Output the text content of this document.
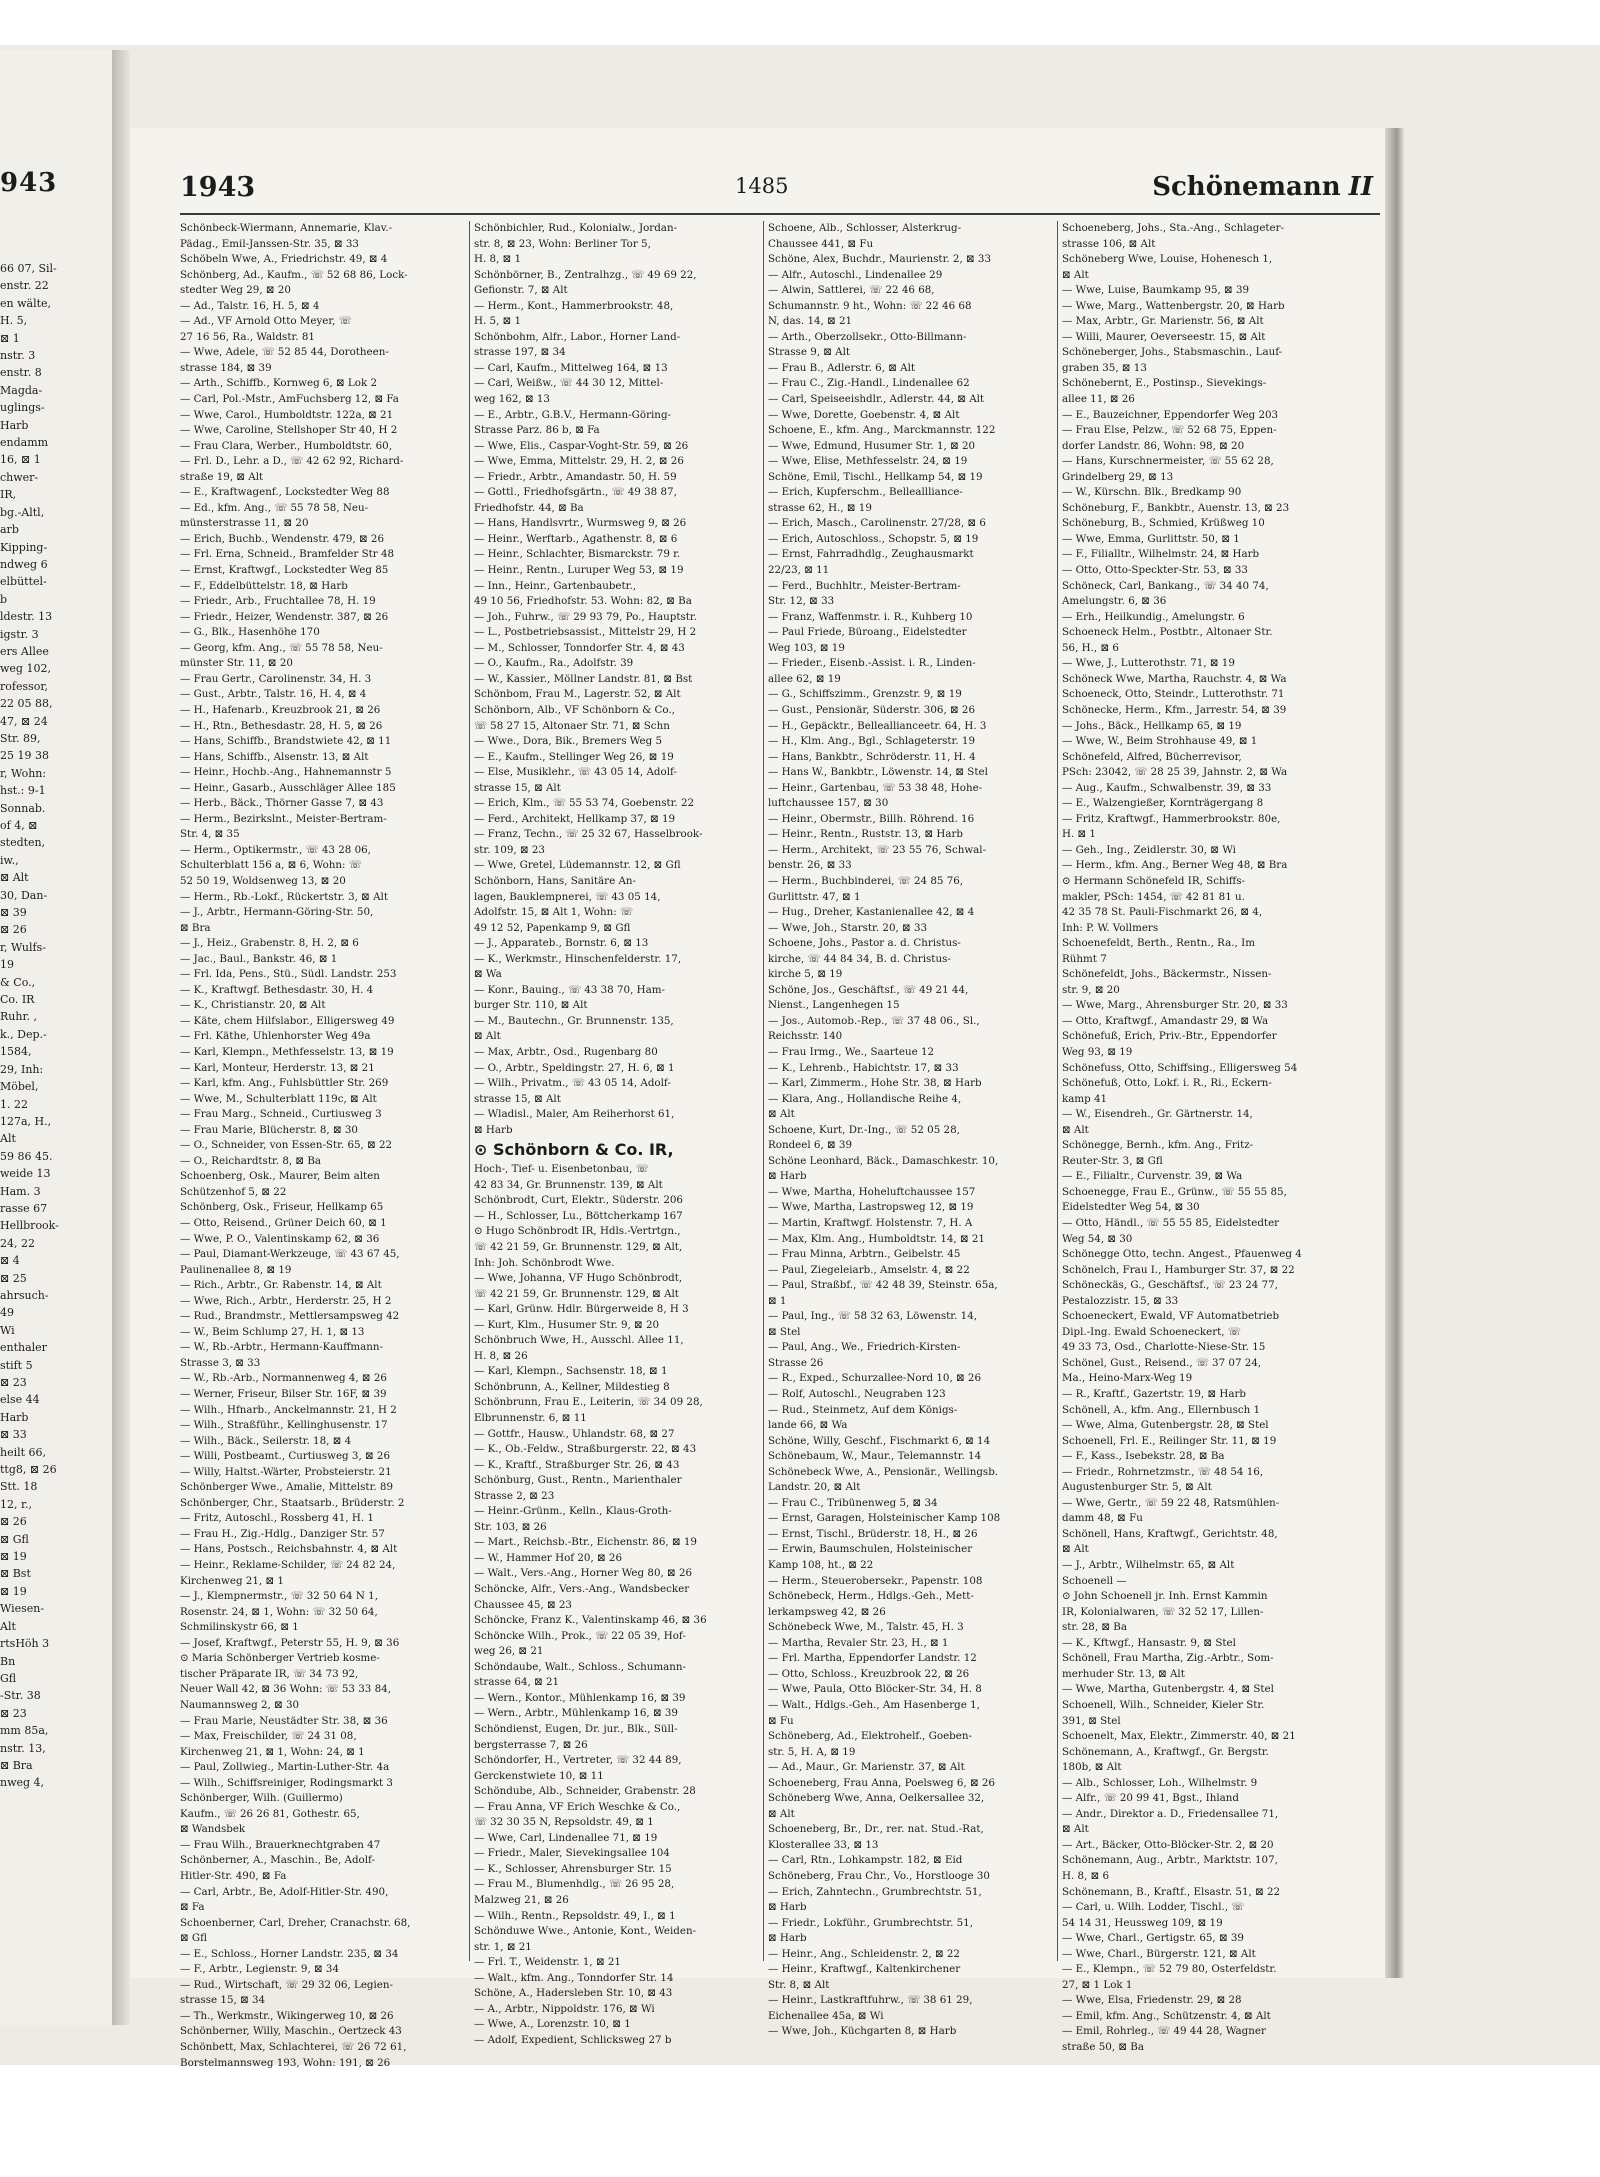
943
66 07, Sil-
enstr. 22
en wälte,
H. 5,
⊠ 1
nstr. 3
enstr. 8
Magda-
uglings-
Harb
endamm
16, ⊠ 1
chwer-
IR,
bg.-Altl,
arb
Kipping-
ndweg 6
elbüttel-
b
ldestr. 13
igstr. 3
ers Allee
weg 102,
rofessor,
22 05 88,
47, ⊠ 24
Str. 89,
25 19 38
r, Wohn:
hst.: 9-1
Sonnab.
of 4, ⊠
stedten,
iw.,
⊠ Alt
30, Dan-
⊠ 39
⊠ 26
r, Wulfs-
19
& Co.,
Co. IR
Ruhr. ,
k., Dep.-
1584,
29, Inh:
Möbel,
1. 22
127a, H.,
Alt
59 86 45.
weide 13
Ham. 3
rasse 67
Hellbrook-
24, 22
⊠ 4
⊠ 25
ahrsuch-
49
Wi
enthaler
stift 5
⊠ 23
else 44
Harb
⊠ 33
heilt 66,
ttg8, ⊠ 26
Stt. 18
12, r.,
⊠ 26
⊠ Gfl
⊠ 19
⊠ Bst
⊠ 19
Wiesen-
Alt
rtsHöh 3
Bn
Gfl
-Str. 38
⊠ 23
mm 85a,
nstr. 13,
⊠ Bra
nweg 4,
1943	1485	Schönemann II
Schönbeck-Wiermann, Annemarie, Klav.-
Pädag., Emil-Janssen-Str. 35, ⊠ 33
Schöbeln Wwe, A., Friedrichstr. 49, ⊠ 4
Schönberg, Ad., Kaufm., ☏ 52 68 86, Lock-
stedter Weg 29, ⊠ 20
— Ad., Talstr. 16, H. 5, ⊠ 4
— Ad., VF Arnold Otto Meyer, ☏
27 16 56, Ra., Waldstr. 81
— Wwe, Adele, ☏ 52 85 44, Dorotheen-
strasse 184, ⊠ 39
— Arth., Schiffb., Kornweg 6, ⊠ Lok 2
— Carl, Pol.-Mstr., AmFuchsberg 12, ⊠ Fa
— Wwe, Carol., Humboldtstr. 122a, ⊠ 21
— Wwe, Caroline, Stellshoper Str 40, H 2
— Frau Clara, Werber., Humboldtstr. 60,
— Frl. D., Lehr. a D., ☏ 42 62 92, Richard-
straße 19, ⊠ Alt
— E., Kraftwagenf., Lockstedter Weg 88
— Ed., kfm. Ang., ☏ 55 78 58, Neu-
münsterstrasse 11, ⊠ 20
— Erich, Buchb., Wendenstr. 479, ⊠ 26
— Frl. Erna, Schneid., Bramfelder Str 48
— Ernst, Kraftwgf., Lockstedter Weg 85
— F., Eddelbüttelstr. 18, ⊠ Harb
— Friedr., Arb., Fruchtallee 78, H. 19
— Friedr., Heizer, Wendenstr. 387, ⊠ 26
— G., Blk., Hasenhöhe 170
— Georg, kfm. Ang., ☏ 55 78 58, Neu-
münster Str. 11, ⊠ 20
— Frau Gertr., Carolinenstr. 34, H. 3
— Gust., Arbtr., Talstr. 16, H. 4, ⊠ 4
— H., Hafenarb., Kreuzbrook 21, ⊠ 26
— H., Rtn., Bethesdastr. 28, H. 5, ⊠ 26
— Hans, Schiffb., Brandstwiete 42, ⊠ 11
— Hans, Schiffb., Alsenstr. 13, ⊠ Alt
— Heinr., Hochb.-Ang., Hahnemannstr 5
— Heinr., Gasarb., Ausschläger Allee 185
— Herb., Bäck., Thörner Gasse 7, ⊠ 43
— Herm., Bezirkslnt., Meister-Bertram-
Str. 4, ⊠ 35
— Herm., Optikermstr., ☏ 43 28 06,
Schulterblatt 156 a, ⊠ 6, Wohn: ☏
52 50 19, Woldsenweg 13, ⊠ 20
— Herm., Rb.-Lokf., Rückertstr. 3, ⊠ Alt
— J., Arbtr., Hermann-Göring-Str. 50,
⊠ Bra
— J., Heiz., Grabenstr. 8, H. 2, ⊠ 6
— Jac., Baul., Bankstr. 46, ⊠ 1
— Frl. Ida, Pens., Stü., Südl. Landstr. 253
— K., Kraftwgf. Bethesdastr. 30, H. 4
— K., Christianstr. 20, ⊠ Alt
— Käte, chem Hilfslabor., Elligersweg 49
— Frl. Käthe, Uhlenhorster Weg 49a
— Karl, Klempn., Methfesselstr. 13, ⊠ 19
— Karl, Monteur, Herderstr. 13, ⊠ 21
— Karl, kfm. Ang., Fuhlsbüttler Str. 269
— Wwe, M., Schulterblatt 119c, ⊠ Alt
— Frau Marg., Schneid., Curtiusweg 3
— Frau Marie, Blücherstr. 8, ⊠ 30
— O., Schneider, von Essen-Str. 65, ⊠ 22
— O., Reichardtstr. 8, ⊠ Ba
Schoenberg, Osk., Maurer, Beim alten
Schützenhof 5, ⊠ 22
Schönberg, Osk., Friseur, Hellkamp 65
— Otto, Reisend., Grüner Deich 60, ⊠ 1
— Wwe, P. O., Valentinskamp 62, ⊠ 36
— Paul, Diamant-Werkzeuge, ☏ 43 67 45,
Paulinenallee 8, ⊠ 19
— Rich., Arbtr., Gr. Rabenstr. 14, ⊠ Alt
— Wwe, Rich., Arbtr., Herderstr. 25, H 2
— Rud., Brandmstr., Mettlersampsweg 42
— W., Beim Schlump 27, H. 1, ⊠ 13
— W., Rb.-Arbtr., Hermann-Kauffmann-
Strasse 3, ⊠ 33
— W., Rb.-Arb., Normannenweg 4, ⊠ 26
— Werner, Friseur, Bilser Str. 16F, ⊠ 39
— Wilh., Hfnarb., Anckelmannstr. 21, H 2
— Wilh., Straßführ., Kellinghusenstr. 17
— Wilh., Bäck., Seilerstr. 18, ⊠ 4
— Willi, Postbeamt., Curtiusweg 3, ⊠ 26
— Willy, Haltst.-Wärter, Probsteierstr. 21
Schönberger Wwe., Amalie, Mittelstr. 89
Schönberger, Chr., Staatsarb., Brüderstr. 2
— Fritz, Autoschl., Rossberg 41, H. 1
— Frau H., Zig.-Hdlg., Danziger Str. 57
— Hans, Postsch., Reichsbahnstr. 4, ⊠ Alt
— Heinr., Reklame-Schilder, ☏ 24 82 24,
Kirchenweg 21, ⊠ 1
— J., Klempnermstr., ☏ 32 50 64 N 1,
Rosenstr. 24, ⊠ 1, Wohn: ☏ 32 50 64,
Schmilinskystr 66, ⊠ 1
— Josef, Kraftwgf., Peterstr 55, H. 9, ⊠ 36
⊙ Maria Schönberger Vertrieb kosme-
tischer Präparate IR, ☏ 34 73 92,
Neuer Wall 42, ⊠ 36 Wohn: ☏ 53 33 84,
Naumannsweg 2, ⊠ 30
— Frau Marie, Neustädter Str. 38, ⊠ 36
— Max, Freischilder, ☏ 24 31 08,
Kirchenweg 21, ⊠ 1, Wohn: 24, ⊠ 1
— Paul, Zollwieg., Martin-Luther-Str. 4a
— Wilh., Schiffsreiniger, Rodingsmarkt 3
Schönberger, Wilh. (Guillermo)
Kaufm., ☏ 26 26 81, Gothestr. 65,
⊠ Wandsbek
— Frau Wilh., Brauerknechtgraben 47
Schönberner, A., Maschin., Be, Adolf-
Hitler-Str. 490, ⊠ Fa
— Carl, Arbtr., Be, Adolf-Hitler-Str. 490,
⊠ Fa
Schoenberner, Carl, Dreher, Cranachstr. 68,
⊠ Gfl
— E., Schloss., Horner Landstr. 235, ⊠ 34
— F., Arbtr., Legienstr. 9, ⊠ 34
— Rud., Wirtschaft, ☏ 29 32 06, Legien-
strasse 15, ⊠ 34
— Th., Werkmstr., Wikingerweg 10, ⊠ 26
Schönberner, Willy, Maschin., Oertzeck 43
Schönbett, Max, Schlachterei, ☏ 26 72 61,
Borstelmannsweg 193, Wohn: 191, ⊠ 26
Schönbichler, Rud., Kolonialw., Jordan-
str. 8, ⊠ 23, Wohn: Berliner Tor 5,
H. 8, ⊠ 1
Schönbörner, B., Zentralhzg., ☏ 49 69 22,
Gefionstr. 7, ⊠ Alt
— Herm., Kont., Hammerbrookstr. 48,
H. 5, ⊠ 1
Schönbohm, Alfr., Labor., Horner Land-
strasse 197, ⊠ 34
— Carl, Kaufm., Mittelweg 164, ⊠ 13
— Carl, Weißw., ☏ 44 30 12, Mittel-
weg 162, ⊠ 13
— E., Arbtr., G.B.V., Hermann-Göring-
Strasse Parz. 86 b, ⊠ Fa
— Wwe, Elis., Caspar-Voght-Str. 59, ⊠ 26
— Wwe, Emma, Mittelstr. 29, H. 2, ⊠ 26
— Friedr., Arbtr., Amandastr. 50, H. 59
— Gottl., Friedhofsgärtn., ☏ 49 38 87,
Friedhofstr. 44, ⊠ Ba
— Hans, Handlsvrtr., Wurmsweg 9, ⊠ 26
— Heinr., Werftarb., Agathenstr. 8, ⊠ 6
— Heinr., Schlachter, Bismarckstr. 79 r.
— Heinr., Rentn., Luruper Weg 53, ⊠ 19
— Inn., Heinr., Gartenbaubetr.,
49 10 56, Friedhofstr. 53. Wohn: 82, ⊠ Ba
— Joh., Fuhrw., ☏ 29 93 79, Po., Hauptstr.
— L., Postbetriebsassist., Mittelstr 29, H 2
— M., Schlosser, Tonndorfer Str. 4, ⊠ 43
— O., Kaufm., Ra., Adolfstr. 39
— W., Kassier., Möllner Landstr. 81, ⊠ Bst
Schönbom, Frau M., Lagerstr. 52, ⊠ Alt
Schönborn, Alb., VF Schönborn & Co.,
☏ 58 27 15, Altonaer Str. 71, ⊠ Schn
— Wwe., Dora, Bik., Bremers Weg 5
— E., Kaufm., Stellinger Weg 26, ⊠ 19
— Else, Musiklehr., ☏ 43 05 14, Adolf-
strasse 15, ⊠ Alt
— Erich, Klm., ☏ 55 53 74, Goebenstr. 22
— Ferd., Architekt, Hellkamp 37, ⊠ 19
— Franz, Techn., ☏ 25 32 67, Hasselbrook-
str. 109, ⊠ 23
— Wwe, Gretel, Lüdemannstr. 12, ⊠ Gfl
Schönborn, Hans, Sanitäre An-
lagen, Bauklempnerei, ☏ 43 05 14,
Adolfstr. 15, ⊠ Alt 1, Wohn: ☏
49 12 52, Papenkamp 9, ⊠ Gfl
— J., Apparateb., Bornstr. 6, ⊠ 13
— K., Werkmstr., Hinschenfelderstr. 17,
⊠ Wa
— Konr., Bauing., ☏ 43 38 70, Ham-
burger Str. 110, ⊠ Alt
— M., Bautechn., Gr. Brunnenstr. 135,
⊠ Alt
— Max, Arbtr., Osd., Rugenbarg 80
— O., Arbtr., Speldingstr. 27, H. 6, ⊠ 1
— Wilh., Privatm., ☏ 43 05 14, Adolf-
strasse 15, ⊠ Alt
— Wladisl., Maler, Am Reiherhorst 61,
⊠ Harb
⊙ Schönborn & Co. IR,
Hoch-, Tief- u. Eisenbetonbau, ☏
42 83 34, Gr. Brunnenstr. 139, ⊠ Alt
Schönbrodt, Curt, Elektr., Süderstr. 206
— H., Schlosser, Lu., Böttcherkamp 167
⊙ Hugo Schönbrodt IR, Hdls.-Vertrtgn.,
☏ 42 21 59, Gr. Brunnenstr. 129, ⊠ Alt,
Inh: Joh. Schönbrodt Wwe.
— Wwe, Johanna, VF Hugo Schönbrodt,
☏ 42 21 59, Gr. Brunnenstr. 129, ⊠ Alt
— Karl, Grünw. Hdlr. Bürgerweide 8, H 3
— Kurt, Klm., Husumer Str. 9, ⊠ 20
Schönbruch Wwe, H., Ausschl. Allee 11,
H. 8, ⊠ 26
— Karl, Klempn., Sachsenstr. 18, ⊠ 1
Schönbrunn, A., Kellner, Mildestieg 8
Schönbrunn, Frau E., Leiterin, ☏ 34 09 28,
Elbrunnenstr. 6, ⊠ 11
— Gottfr., Hausw., Uhlandstr. 68, ⊠ 27
— K., Ob.-Feldw., Straßburgerstr. 22, ⊠ 43
— K., Kraftf., Straßburger Str. 26, ⊠ 43
Schönburg, Gust., Rentn., Marienthaler
Strasse 2, ⊠ 23
— Heinr.-Grünm., Kelln., Klaus-Groth-
Str. 103, ⊠ 26
— Mart., Reichsb.-Btr., Eichenstr. 86, ⊠ 19
— W., Hammer Hof 20, ⊠ 26
— Walt., Vers.-Ang., Horner Weg 80, ⊠ 26
Schöncke, Alfr., Vers.-Ang., Wandsbecker
Chaussee 45, ⊠ 23
Schöncke, Franz K., Valentinskamp 46, ⊠ 36
Schöncke Wilh., Prok., ☏ 22 05 39, Hof-
weg 26, ⊠ 21
Schöndaube, Walt., Schloss., Schumann-
strasse 64, ⊠ 21
— Wern., Kontor., Mühlenkamp 16, ⊠ 39
— Wern., Arbtr., Mühlenkamp 16, ⊠ 39
Schöndienst, Eugen, Dr. jur., Blk., Süll-
bergsterrasse 7, ⊠ 26
Schöndorfer, H., Vertreter, ☏ 32 44 89,
Gerckenstwiete 10, ⊠ 11
Schöndube, Alb., Schneider, Grabenstr. 28
— Frau Anna, VF Erich Weschke & Co.,
☏ 32 30 35 N, Repsoldstr. 49, ⊠ 1
— Wwe, Carl, Lindenallee 71, ⊠ 19
— Friedr., Maler, Sievekingsallee 104
— K., Schlosser, Ahrensburger Str. 15
— Frau M., Blumenhdlg., ☏ 26 95 28,
Malzweg 21, ⊠ 26
— Wilh., Rentn., Repsoldstr. 49, I., ⊠ 1
Schönduwe Wwe., Antonie, Kont., Weiden-
str. 1, ⊠ 21
— Frl. T., Weidenstr. 1, ⊠ 21
— Walt., kfm. Ang., Tonndorfer Str. 14
Schöne, A., Hadersleben Str. 10, ⊠ 43
— A., Arbtr., Nippoldstr. 176, ⊠ Wi
— Wwe, A., Lorenzstr. 10, ⊠ 1
— Adolf, Expedient, Schlicksweg 27 b
Schoene, Alb., Schlosser, Alsterkrug-
Chaussee 441, ⊠ Fu
Schöne, Alex, Buchdr., Maurienstr. 2, ⊠ 33
— Alfr., Autoschl., Lindenallee 29
— Alwin, Sattlerei, ☏ 22 46 68,
Schumannstr. 9 ht., Wohn: ☏ 22 46 68
N, das. 14, ⊠ 21
— Arth., Oberzollsekr., Otto-Billmann-
Strasse 9, ⊠ Alt
— Frau B., Adlerstr. 6, ⊠ Alt
— Frau C., Zig.-Handl., Lindenallee 62
— Carl, Speiseeishdlr., Adlerstr. 44, ⊠ Alt
— Wwe, Dorette, Goebenstr. 4, ⊠ Alt
Schoene, E., kfm. Ang., Marckmannstr. 122
— Wwe, Edmund, Husumer Str. 1, ⊠ 20
— Wwe, Elise, Methfesselstr. 24, ⊠ 19
Schöne, Emil, Tischl., Hellkamp 54, ⊠ 19
— Erich, Kupferschm., Belleallliance-
strasse 62, H., ⊠ 19
— Erich, Masch., Carolinenstr. 27/28, ⊠ 6
— Erich, Autoschloss., Schopstr. 5, ⊠ 19
— Ernst, Fahrradhdlg., Zeughausmarkt
22/23, ⊠ 11
— Ferd., Buchhltr., Meister-Bertram-
Str. 12, ⊠ 33
— Franz, Waffenmstr. i. R., Kuhberg 10
— Paul Friede, Büroang., Eidelstedter
Weg 103, ⊠ 19
— Frieder., Eisenb.-Assist. i. R., Linden-
allee 62, ⊠ 19
— G., Schiffszimm., Grenzstr. 9, ⊠ 19
— Gust., Pensionär, Süderstr. 306, ⊠ 26
— H., Gepäcktr., Belleallianceetr. 64, H. 3
— H., Klm. Ang., Bgl., Schlageterstr. 19
— Hans, Bankbtr., Schröderstr. 11, H. 4
— Hans W., Bankbtr., Löwenstr. 14, ⊠ Stel
— Heinr., Gartenbau, ☏ 53 38 48, Hohe-
luftchaussee 157, ⊠ 30
— Heinr., Obermstr., Billh. Röhrend. 16
— Heinr., Rentn., Ruststr. 13, ⊠ Harb
— Herm., Architekt, ☏ 23 55 76, Schwal-
benstr. 26, ⊠ 33
— Herm., Buchbinderei, ☏ 24 85 76,
Gurlittstr. 47, ⊠ 1
— Hug., Dreher, Kastanienallee 42, ⊠ 4
— Wwe, Joh., Starstr. 20, ⊠ 33
Schoene, Johs., Pastor a. d. Christus-
kirche, ☏ 44 84 34, B. d. Christus-
kirche 5, ⊠ 19
Schöne, Jos., Geschäftsf., ☏ 49 21 44,
Nienst., Langenhegen 15
— Jos., Automob.-Rep., ☏ 37 48 06., Sl.,
Reichsstr. 140
— Frau Irmg., We., Saarteue 12
— K., Lehrenb., Habichtstr. 17, ⊠ 33
— Karl, Zimmerm., Hohe Str. 38, ⊠ Harb
— Klara, Ang., Hollandische Reihe 4,
⊠ Alt
Schoene, Kurt, Dr.-Ing., ☏ 52 05 28,
Rondeel 6, ⊠ 39
Schöne Leonhard, Bäck., Damaschkestr. 10,
⊠ Harb
— Wwe, Martha, Hoheluftchaussee 157
— Wwe, Martha, Lastropsweg 12, ⊠ 19
— Martin, Kraftwgf. Holstenstr. 7, H. A
— Max, Klm. Ang., Humboldtstr. 14, ⊠ 21
— Frau Minna, Arbtrn., Geibelstr. 45
— Paul, Ziegeleiarb., Amselstr. 4, ⊠ 22
— Paul, Straßbf., ☏ 42 48 39, Steinstr. 65a,
⊠ 1
— Paul, Ing., ☏ 58 32 63, Löwenstr. 14,
⊠ Stel
— Paul, Ang., We., Friedrich-Kirsten-
Strasse 26
— R., Exped., Schurzallee-Nord 10, ⊠ 26
— Rolf, Autoschl., Neugraben 123
— Rud., Steinmetz, Auf dem Königs-
lande 66, ⊠ Wa
Schöne, Willy, Geschf., Fischmarkt 6, ⊠ 14
Schönebaum, W., Maur., Telemannstr. 14
Schönebeck Wwe, A., Pensionär., Wellingsb.
Landstr. 20, ⊠ Alt
— Frau C., Tribünenweg 5, ⊠ 34
— Ernst, Garagen, Holsteinischer Kamp 108
— Ernst, Tischl., Brüderstr. 18, H., ⊠ 26
— Erwin, Baumschulen, Holsteinischer
Kamp 108, ht., ⊠ 22
— Herm., Steuerobersekr., Papenstr. 108
Schönebeck, Herm., Hdlgs.-Geh., Mett-
lerkampsweg 42, ⊠ 26
Schönebeck Wwe, M., Talstr. 45, H. 3
— Martha, Revaler Str. 23, H., ⊠ 1
— Frl. Martha, Eppendorfer Landstr. 12
— Otto, Schloss., Kreuzbrook 22, ⊠ 26
— Wwe, Paula, Otto Blöcker-Str. 34, H. 8
— Walt., Hdlgs.-Geh., Am Hasenberge 1,
⊠ Fu
Schöneberg, Ad., Elektrohelf., Goeben-
str. 5, H. A, ⊠ 19
— Ad., Maur., Gr. Marienstr. 37, ⊠ Alt
Schoeneberg, Frau Anna, Poelsweg 6, ⊠ 26
Schöneberg Wwe, Anna, Oelkersallee 32,
⊠ Alt
Schoeneberg, Br., Dr., rer. nat. Stud.-Rat,
Klosterallee 33, ⊠ 13
— Carl, Rtn., Lohkampstr. 182, ⊠ Eid
Schöneberg, Frau Chr., Vo., Horstlooge 30
— Erich, Zahntechn., Grumbrechtstr. 51,
⊠ Harb
— Friedr., Lokführ., Grumbrechtstr. 51,
⊠ Harb
— Heinr., Ang., Schleidenstr. 2, ⊠ 22
— Heinr., Kraftwgf., Kaltenkirchener
Str. 8, ⊠ Alt
— Heinr., Lastkraftfuhrw., ☏ 38 61 29,
Eichenallee 45a, ⊠ Wi
— Wwe, Joh., Küchgarten 8, ⊠ Harb
Schoeneberg, Johs., Sta.-Ang., Schlageter-
strasse 106, ⊠ Alt
Schöneberg Wwe, Louise, Hohenesch 1,
⊠ Alt
— Wwe, Luise, Baumkamp 95, ⊠ 39
— Wwe, Marg., Wattenbergstr. 20, ⊠ Harb
— Max, Arbtr., Gr. Marienstr. 56, ⊠ Alt
— Willi, Maurer, Oeverseestr. 15, ⊠ Alt
Schöneberger, Johs., Stabsmaschin., Lauf-
graben 35, ⊠ 13
Schönebernt, E., Postinsp., Sievekings-
allee 11, ⊠ 26
— E., Bauzeichner, Eppendorfer Weg 203
— Frau Else, Pelzw., ☏ 52 68 75, Eppen-
dorfer Landstr. 86, Wohn: 98, ⊠ 20
— Hans, Kurschnermeister, ☏ 55 62 28,
Grindelberg 29, ⊠ 13
— W., Kürschn. Blk., Bredkamp 90
Schöneburg, F., Bankbtr., Auenstr. 13, ⊠ 23
Schöneburg, B., Schmied, Krüßweg 10
— Wwe, Emma, Gurlittstr. 50, ⊠ 1
— F., Filialltr., Wilhelmstr. 24, ⊠ Harb
— Otto, Otto-Speckter-Str. 53, ⊠ 33
Schöneck, Carl, Bankang., ☏ 34 40 74,
Amelungstr. 6, ⊠ 36
— Erh., Heilkundig., Amelungstr. 6
Schoeneck Helm., Postbtr., Altonaer Str.
56, H., ⊠ 6
— Wwe, J., Lutterothstr. 71, ⊠ 19
Schöneck Wwe, Martha, Rauchstr. 4, ⊠ Wa
Schoeneck, Otto, Steindr., Lutterothstr. 71
Schönecke, Herm., Kfm., Jarrestr. 54, ⊠ 39
— Johs., Bäck., Hellkamp 65, ⊠ 19
— Wwe, W., Beim Strohhause 49, ⊠ 1
Schönefeld, Alfred, Bücherrevisor,
PSch: 23042, ☏ 28 25 39, Jahnstr. 2, ⊠ Wa
— Aug., Kaufm., Schwalbenstr. 39, ⊠ 33
— E., Walzengießer, Kornträgergang 8
— Fritz, Kraftwgf., Hammerbrookstr. 80e,
H. ⊠ 1
— Geh., Ing., Zeidlerstr. 30, ⊠ Wi
— Herm., kfm. Ang., Berner Weg 48, ⊠ Bra
⊙ Hermann Schönefeld IR, Schiffs-
makler, PSch: 1454, ☏ 42 81 81 u.
42 35 78 St. Pauli-Fischmarkt 26, ⊠ 4,
Inh: P. W. Vollmers
Schoenefeldt, Berth., Rentn., Ra., Im
Rühmt 7
Schönefeldt, Johs., Bäckermstr., Nissen-
str. 9, ⊠ 20
— Wwe, Marg., Ahrensburger Str. 20, ⊠ 33
— Otto, Kraftwgf., Amandastr 29, ⊠ Wa
Schönefuß, Erich, Priv.-Btr., Eppendorfer
Weg 93, ⊠ 19
Schönefuss, Otto, Schiffsing., Elligersweg 54
Schönefuß, Otto, Lokf. i. R., Ri., Eckern-
kamp 41
— W., Eisendreh., Gr. Gärtnerstr. 14,
⊠ Alt
Schönegge, Bernh., kfm. Ang., Fritz-
Reuter-Str. 3, ⊠ Gfl
— E., Filialtr., Curvenstr. 39, ⊠ Wa
Schoenegge, Frau E., Grünw., ☏ 55 55 85,
Eidelstedter Weg 54, ⊠ 30
— Otto, Händl., ☏ 55 55 85, Eidelstedter
Weg 54, ⊠ 30
Schönegge Otto, techn. Angest., Pfauenweg 4
Schönelch, Frau I., Hamburger Str. 37, ⊠ 22
Schöneckäs, G., Geschäftsf., ☏ 23 24 77,
Pestalozzistr. 15, ⊠ 33
Schoeneckert, Ewald, VF Automatbetrieb
Dipl.-Ing. Ewald Schoeneckert, ☏
49 33 73, Osd., Charlotte-Niese-Str. 15
Schönel, Gust., Reisend., ☏ 37 07 24,
Ma., Heino-Marx-Weg 19
— R., Kraftf., Gazertstr. 19, ⊠ Harb
Schönell, A., kfm. Ang., Ellernbusch 1
— Wwe, Alma, Gutenbergstr. 28, ⊠ Stel
Schoenell, Frl. E., Reilinger Str. 11, ⊠ 19
— F., Kass., Isebekstr. 28, ⊠ Ba
— Friedr., Rohrnetzmstr., ☏ 48 54 16,
Augustenburger Str. 5, ⊠ Alt
— Wwe, Gertr., ☏ 59 22 48, Ratsmühlen-
damm 48, ⊠ Fu
Schönell, Hans, Kraftwgf., Gerichtstr. 48,
⊠ Alt
— J., Arbtr., Wilhelmstr. 65, ⊠ Alt
Schoenell —
⊙ John Schoenell jr. Inh. Ernst Kammin
IR, Kolonialwaren, ☏ 32 52 17, Lillen-
str. 28, ⊠ Ba
— K., Kftwgf., Hansastr. 9, ⊠ Stel
Schönell, Frau Martha, Zig.-Arbtr., Som-
merhuder Str. 13, ⊠ Alt
— Wwe, Martha, Gutenbergstr. 4, ⊠ Stel
Schoenell, Wilh., Schneider, Kieler Str.
391, ⊠ Stel
Schoenelt, Max, Elektr., Zimmerstr. 40, ⊠ 21
Schönemann, A., Kraftwgf., Gr. Bergstr.
180b, ⊠ Alt
— Alb., Schlosser, Loh., Wilhelmstr. 9
— Alfr., ☏ 20 99 41, Bgst., Ihland
— Andr., Direktor a. D., Friedensallee 71,
⊠ Alt
— Art., Bäcker, Otto-Blöcker-Str. 2, ⊠ 20
Schönemann, Aug., Arbtr., Marktstr. 107,
H. 8, ⊠ 6
Schönemann, B., Kraftf., Elsastr. 51, ⊠ 22
— Carl, u. Wilh. Lodder, Tischl., ☏
54 14 31, Heussweg 109, ⊠ 19
— Wwe, Charl., Gertigstr. 65, ⊠ 39
— Wwe, Charl., Bürgerstr. 121, ⊠ Alt
— E., Klempn., ☏ 52 79 80, Osterfeldstr.
27, ⊠ 1 Lok 1
— Wwe, Elsa, Friedenstr. 29, ⊠ 28
— Emil, kfm. Ang., Schützenstr. 4, ⊠ Alt
— Emil, Rohrleg., ☏ 49 44 28, Wagner
straße 50, ⊠ Ba
